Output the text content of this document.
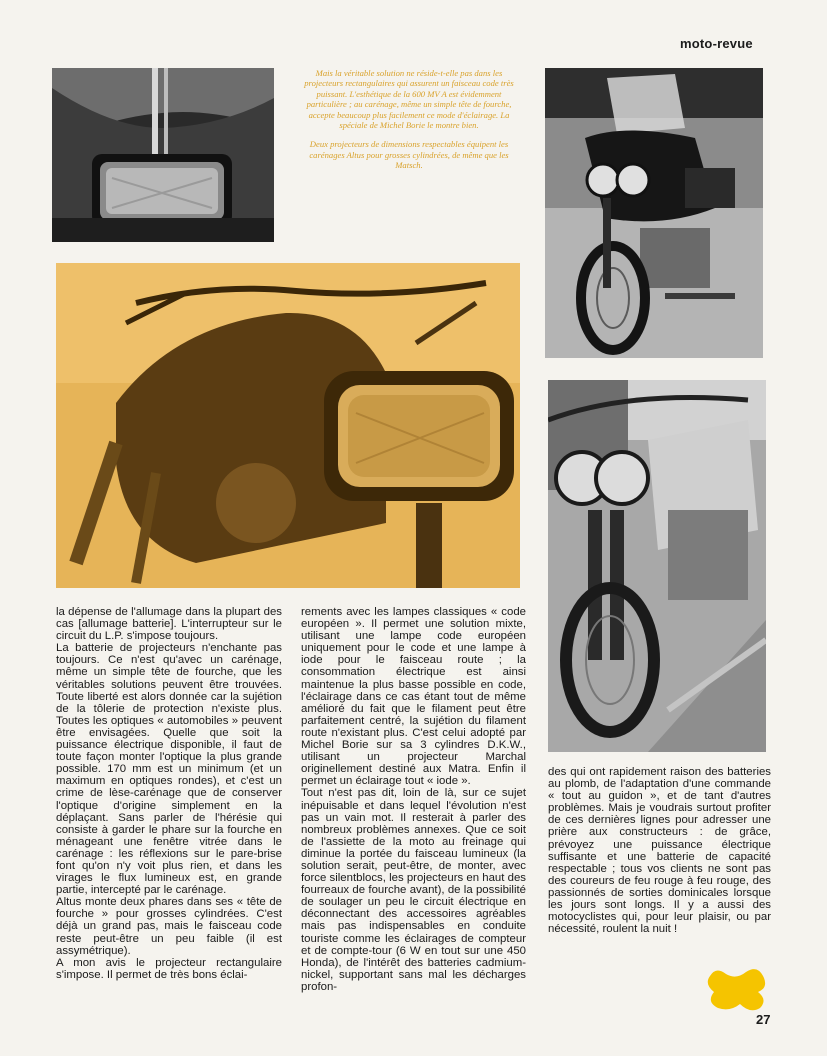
moto-revue

Mais la véritable solution ne réside-t-elle pas dans les projecteurs rectangulaires qui assurent un faisceau code très puissant. L'esthétique de la 600 MV A est évidemment particulière ; au carénage, même un simple tête de fourche, accepte beaucoup plus facilement ce mode d'éclairage. La spéciale de Michel Borie le montre bien.

Deux projecteurs de dimensions respectables équipent les carénages Altus pour grosses cylindrées, de même que les Matsch.

la dépense de l'allumage dans la plupart des cas [allumage batterie]. L'interrupteur sur le circuit du L.P. s'impose toujours.

La batterie de projecteurs n'enchante pas toujours. Ce n'est qu'avec un carénage, même un simple tête de fourche, que les véritables solutions peuvent être trouvées. Toute liberté est alors donnée car la sujétion de la tôlerie de protection n'existe plus. Toutes les optiques « automobiles » peuvent être envisagées. Quelle que soit la puissance électrique disponible, il faut de toute façon monter l'optique la plus grande possible. 170 mm est un minimum (et un maximum en optiques rondes), et c'est un crime de lèse-carénage que de conserver l'optique d'origine simplement en la déplaçant. Sans parler de l'hérésie qui consiste à garder le phare sur la fourche en ménageant une fenêtre vitrée dans le carénage : les réflexions sur le pare-brise font qu'on n'y voit plus rien, et dans les virages le flux lumineux est, en grande partie, intercepté par le carénage.

Altus monte deux phares dans ses « tête de fourche » pour grosses cylindrées. C'est déjà un grand pas, mais le faisceau code reste peut-être un peu faible (il est assymétrique).

A mon avis le projecteur rectangulaire s'impose. Il permet de très bons éclai-

rements avec les lampes classiques « code européen ». Il permet une solution mixte, utilisant une lampe code européen uniquement pour le code et une lampe à iode pour le faisceau route ; la consommation électrique est ainsi maintenue la plus basse possible en code, l'éclairage dans ce cas étant tout de même amélioré du fait que le filament peut être parfaitement centré, la sujétion du filament route n'existant plus. C'est celui adopté par Michel Borie sur sa 3 cylindres D.K.W., utilisant un projecteur Marchal originellement destiné aux Matra. Enfin il permet un éclairage tout « iode ».

Tout n'est pas dit, loin de là, sur ce sujet inépuisable et dans lequel l'évolution n'est pas un vain mot. Il resterait à parler des nombreux problèmes annexes. Que ce soit de l'assiette de la moto au freinage qui diminue la portée du faisceau lumineux (la solution serait, peut-être, de monter, avec force silentblocs, les projecteurs en haut des fourreaux de fourche avant), de la possibilité de soulager un peu le circuit électrique en déconnectant des accessoires agréables mais pas indispensables en conduite touriste comme les éclairages de compteur et de compte-tour (6 W en tout sur une 450 Honda), de l'intérêt des batteries cadmium-nickel, supportant sans mal les décharges profon-

des qui ont rapidement raison des batteries au plomb, de l'adaptation d'une commande « tout au guidon », et de tant d'autres problèmes. Mais je voudrais surtout profiter de ces dernières lignes pour adresser une prière aux constructeurs : de grâce, prévoyez une puissance électrique suffisante et une batterie de capacité respectable ; tous vos clients ne sont pas des coureurs de feu rouge à feu rouge, des passionnés de sorties dominicales lorsque les jours sont longs. Il y a aussi des motocyclistes qui, pour leur plaisir, ou par nécessité, roulent la nuit !

27
